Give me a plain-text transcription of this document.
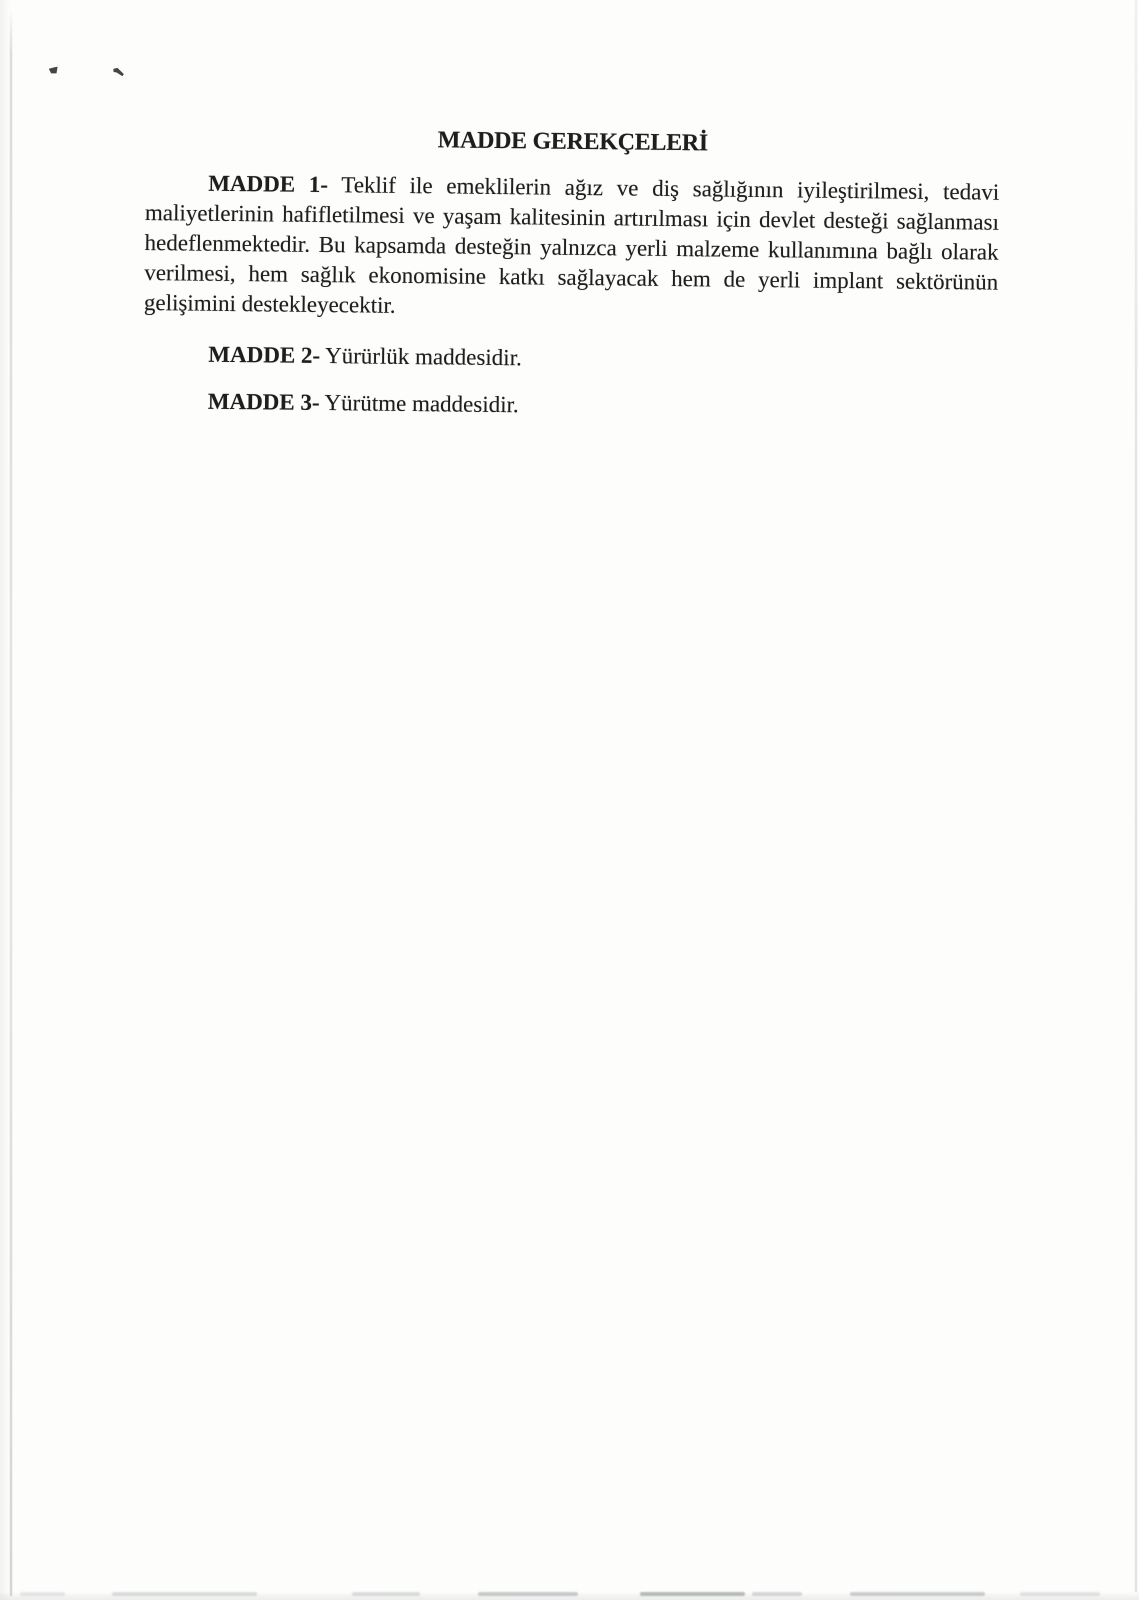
MADDE GEREKÇELERİ
MADDE 1- Teklif ile emeklilerin ağız ve diş sağlığının iyileştirilmesi, tedavi
maliyetlerinin hafifletilmesi ve yaşam kalitesinin artırılması için devlet desteği sağlanması
hedeflenmektedir. Bu kapsamda desteğin yalnızca yerli malzeme kullanımına bağlı olarak
verilmesi, hem sağlık ekonomisine katkı sağlayacak hem de yerli implant sektörünün
gelişimini destekleyecektir.
MADDE 2- Yürürlük maddesidir.
MADDE 3- Yürütme maddesidir.
